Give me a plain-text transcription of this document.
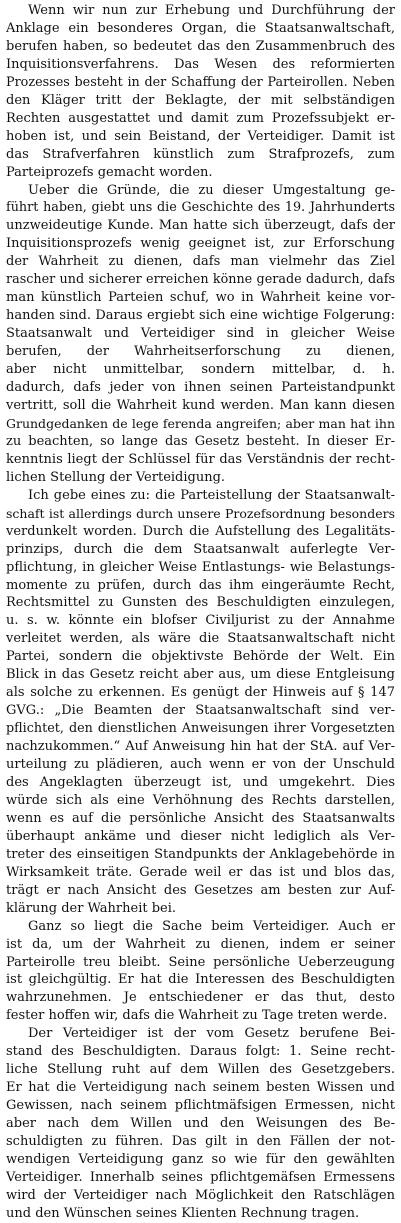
Wenn wir nun zur Erhebung und Durchführung der
Anklage ein besonderes Organ, die Staatsanwaltschaft,
berufen haben, so bedeutet das den Zusammenbruch des
Inquisitionsverfahrens. Das Wesen des reformierten
Prozesses besteht in der Schaffung der Parteirollen. Neben
den Kläger tritt der Beklagte, der mit selbständigen
Rechten ausgestattet und damit zum Prozefssubjekt er-
hoben ist, und sein Beistand, der Verteidiger. Damit ist
das Strafverfahren künstlich zum Strafprozefs, zum
Parteiprozefs gemacht worden.
Ueber die Gründe, die zu dieser Umgestaltung ge-
führt haben, giebt uns die Geschichte des 19. Jahrhunderts
unzweideutige Kunde. Man hatte sich überzeugt, dafs der
Inquisitionsprozefs wenig geeignet ist, zur Erforschung
der Wahrheit zu dienen, dafs man vielmehr das Ziel
rascher und sicherer erreichen könne gerade dadurch, dafs
man künstlich Parteien schuf, wo in Wahrheit keine vor-
handen sind. Daraus ergiebt sich eine wichtige Folgerung:
Staatsanwalt und Verteidiger sind in gleicher Weise
berufen, der Wahrheitserforschung zu dienen,
aber nicht unmittelbar, sondern mittelbar, d. h.
dadurch, dafs jeder von ihnen seinen Parteistandpunkt
vertritt, soll die Wahrheit kund werden. Man kann diesen
Grundgedanken de lege ferenda angreifen; aber man hat ihn
zu beachten, so lange das Gesetz besteht. In dieser Er-
kenntnis liegt der Schlüssel für das Verständnis der recht-
lichen Stellung der Verteidigung.
Ich gebe eines zu: die Parteistellung der Staatsanwalt-
schaft ist allerdings durch unsere Prozefsordnung besonders
verdunkelt worden. Durch die Aufstellung des Legalitäts-
prinzips, durch die dem Staatsanwalt auferlegte Ver-
pflichtung, in gleicher Weise Entlastungs- wie Belastungs-
momente zu prüfen, durch das ihm eingeräumte Recht,
Rechtsmittel zu Gunsten des Beschuldigten einzulegen,
u. s. w. könnte ein blofser Civiljurist zu der Annahme
verleitet werden, als wäre die Staatsanwaltschaft nicht
Partei, sondern die objektivste Behörde der Welt. Ein
Blick in das Gesetz reicht aber aus, um diese Entgleisung
als solche zu erkennen. Es genügt der Hinweis auf § 147
GVG.: „Die Beamten der Staatsanwaltschaft sind ver-
pflichtet, den dienstlichen Anweisungen ihrer Vorgesetzten
nachzukommen.“ Auf Anweisung hin hat der StA. auf Ver-
urteilung zu plädieren, auch wenn er von der Unschuld
des Angeklagten überzeugt ist, und umgekehrt. Dies
würde sich als eine Verhöhnung des Rechts darstellen,
wenn es auf die persönliche Ansicht des Staatsanwalts
überhaupt ankäme und dieser nicht lediglich als Ver-
treter des einseitigen Standpunkts der Anklagebehörde in
Wirksamkeit träte. Gerade weil er das ist und blos das,
trägt er nach Ansicht des Gesetzes am besten zur Auf-
klärung der Wahrheit bei.
Ganz so liegt die Sache beim Verteidiger. Auch er
ist da, um der Wahrheit zu dienen, indem er seiner
Parteirolle treu bleibt. Seine persönliche Ueberzeugung
ist gleichgültig. Er hat die Interessen des Beschuldigten
wahrzunehmen. Je entschiedener er das thut, desto
fester hoffen wir, dafs die Wahrheit zu Tage treten werde.
Der Verteidiger ist der vom Gesetz berufene Bei-
stand des Beschuldigten. Daraus folgt: 1. Seine recht-
liche Stellung ruht auf dem Willen des Gesetzgebers.
Er hat die Verteidigung nach seinem besten Wissen und
Gewissen, nach seinem pflichtmäfsigen Ermessen, nicht
aber nach dem Willen und den Weisungen des Be-
schuldigten zu führen. Das gilt in den Fällen der not-
wendigen Verteidigung ganz so wie für den gewählten
Verteidiger. Innerhalb seines pflichtgemäfsen Ermessens
wird der Verteidiger nach Möglichkeit den Ratschlägen
und den Wünschen seines Klienten Rechnung tragen.
